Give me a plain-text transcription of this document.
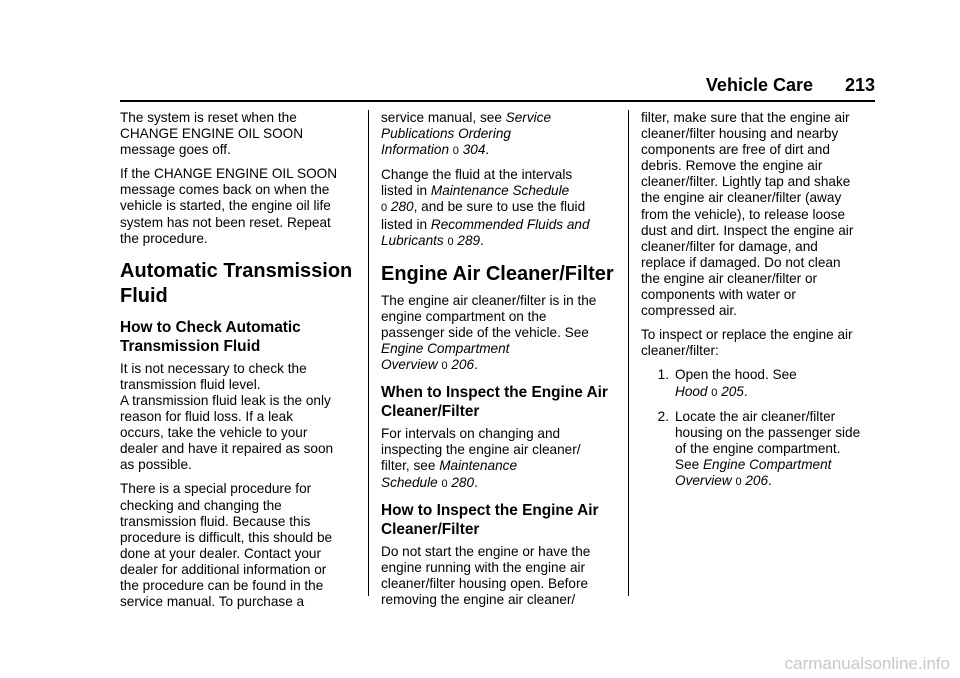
Vehicle Care 213

The system is reset when the
CHANGE ENGINE OIL SOON
message goes off.

If the CHANGE ENGINE OIL SOON
message comes back on when the
vehicle is started, the engine oil life
system has not been reset. Repeat
the procedure.

Automatic Transmission
Fluid
How to Check Automatic
Transmission Fluid

It is not necessary to check the
transmission fluid level.
A transmission fluid leak is the only
reason for fluid loss. If a leak
occurs, take the vehicle to your
dealer and have it repaired as soon
as possible.

There is a special procedure for
checking and changing the
transmission fluid. Because this
procedure is difficult, this should be
done at your dealer. Contact your
dealer for additional information or
the procedure can be found in the
service manual. To purchase a

service manual, see Service
Publications Ordering
Information 0 304.

Change the fluid at the intervals
listed in Maintenance Schedule
0 280, and be sure to use the fluid
listed in Recommended Fluids and
Lubricants 0 289.

Engine Air Cleaner/Filter

The engine air cleaner/filter is in the
engine compartment on the
passenger side of the vehicle. See
Engine Compartment
Overview 0 206.

When to Inspect the Engine Air
Cleaner/Filter

For intervals on changing and
inspecting the engine air cleaner/
filter, see Maintenance
Schedule 0 280.

How to Inspect the Engine Air
Cleaner/Filter

Do not start the engine or have the
engine running with the engine air
cleaner/filter housing open. Before
removing the engine air cleaner/

filter, make sure that the engine air
cleaner/filter housing and nearby
components are free of dirt and
debris. Remove the engine air
cleaner/filter. Lightly tap and shake
the engine air cleaner/filter (away
from the vehicle), to release loose
dust and dirt. Inspect the engine air
cleaner/filter for damage, and
replace if damaged. Do not clean
the engine air cleaner/filter or
components with water or
compressed air.

To inspect or replace the engine air
cleaner/filter:

1. Open the hood. See
Hood 0 205.

2. Locate the air cleaner/filter
housing on the passenger side
of the engine compartment.
See Engine Compartment
Overview 0 206.

carmanualsonline.info
